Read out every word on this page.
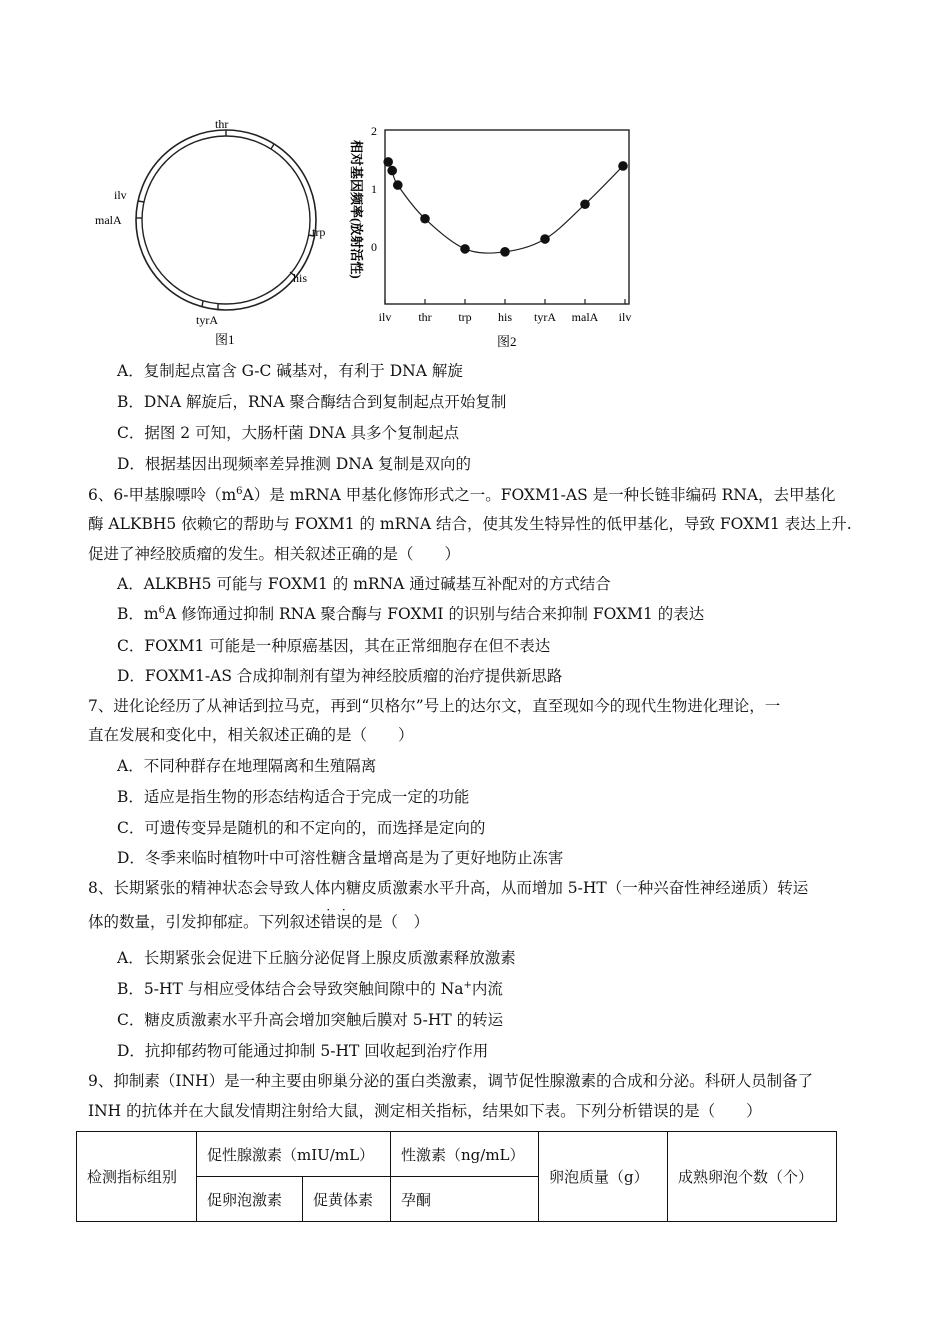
thr
ilv
malA
trp
his
tyrA
图1
2
1
0
相对基因频率(放射活性)
ilv thr trp his tyrA malA ilv
图2
A．复制起点富含 G-C 碱基对，有利于 DNA 解旋
B．DNA 解旋后，RNA 聚合酶结合到复制起点开始复制
C．据图 2 可知，大肠杆菌 DNA 具多个复制起点
D．根据基因出现频率差异推测 DNA 复制是双向的
6、6-甲基腺嘌呤$(m^6A)$是 mRNA 甲基化修饰形式之一。FOXM1-AS 是一种长链非编码 RNA，去甲基化
酶 ALKBH5 依赖它的帮助与 FOXM1 的 mRNA 结合，使其发生特异性的低甲基化，导致 FOXM1 表达上升.
促进了神经胶质瘤的发生。相关叙述正确的是（　　）
A．ALKBH5 可能与 FOXM1 的 mRNA 通过碱基互补配对的方式结合
B．$m^6A$ 修饰通过抑制 RNA 聚合酶与 FOXMI 的识别与结合来抑制 FOXM1 的表达
C．FOXM1 可能是一种原癌基因，其在正常细胞存在但不表达
D．FOXM1-AS 合成抑制剂有望为神经胶质瘤的治疗提供新思路
7、进化论经历了从神话到拉马克，再到“贝格尔”号上的达尔文，直至现如今的现代生物进化理论，一
直在发展和变化中，相关叙述正确的是（　　）
A．不同种群存在地理隔离和生殖隔离
B．适应是指生物的形态结构适合于完成一定的功能
C．可遗传变异是随机的和不定向的，而选择是定向的
D．冬季来临时植物叶中可溶性糖含量增高是为了更好地防止冻害
8、长期紧张的精神状态会导致人体内糖皮质激素水平升高，从而增加 5-HT（一种兴奋性神经递质）转运
体的数量，引发抑郁症。下列叙述错
·
误
·
的是（　）
A．长期紧张会促进下丘脑分泌促肾上腺皮质激素释放激素
B．5-HT 与相应受体结合会导致突触间隙中的 Na+内流
C．糖皮质激素水平升高会增加突触后膜对 5-HT 的转运
D．抗抑郁药物可能通过抑制 5-HT 回收起到治疗作用
9、抑制素（INH）是一种主要由卵巢分泌的蛋白类激素，调节促性腺激素的合成和分泌。科研人员制备了
INH 的抗体并在大鼠发情期注射给大鼠，测定相关指标，结果如下表。下列分析错误的是（　　）
检测指标组别	促性腺激素（mIU/mL）		性激素（ng/mL）	卵泡质量（g）	成熟卵泡个数（个）
	促卵泡激素	促黄体素	孕酮		
